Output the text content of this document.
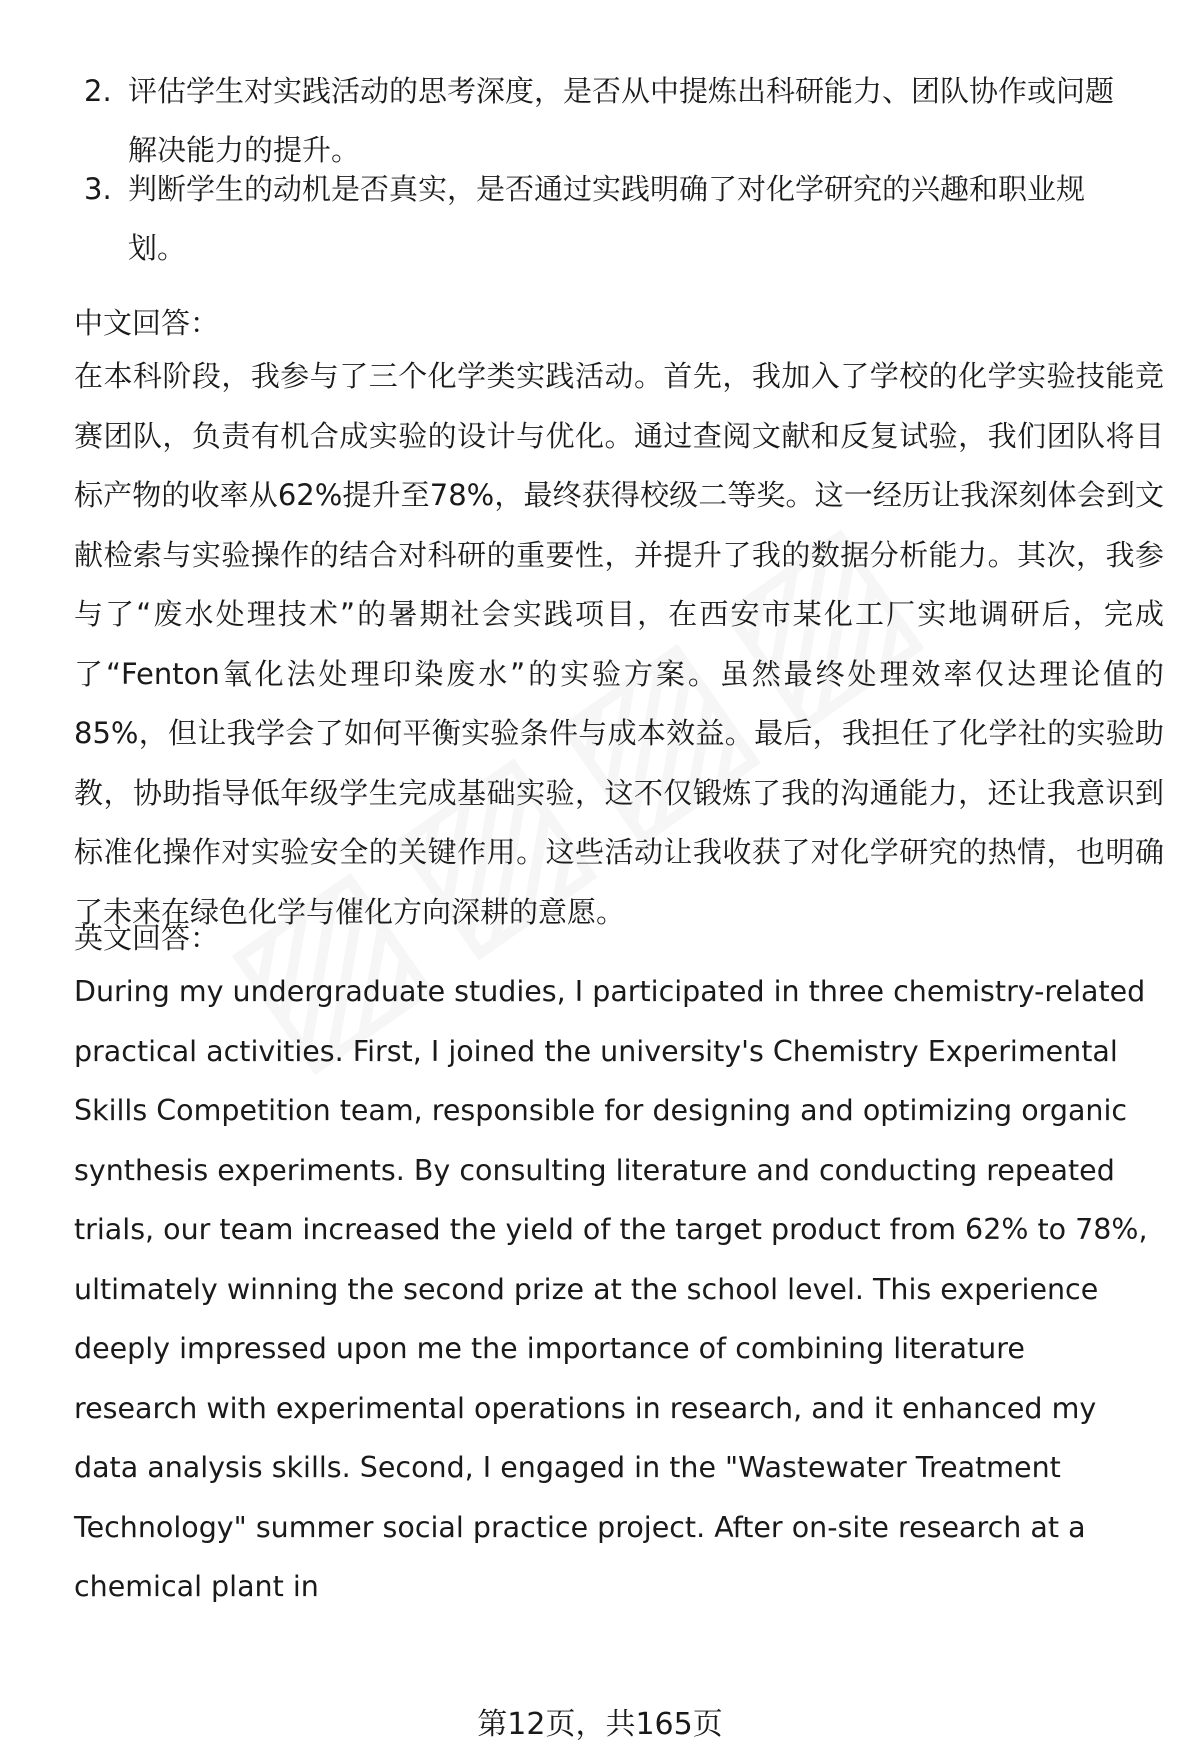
2. 评估学生对实践活动的思考深度，是否从中提炼出科研能力、团队协作或问题解决能力的提升。
3. 判断学生的动机是否真实，是否通过实践明确了对化学研究的兴趣和职业规划。
中文回答：
在本科阶段，我参与了三个化学类实践活动。首先，我加入了学校的化学实验技能竞赛团队，负责有机合成实验的设计与优化。通过查阅文献和反复试验，我们团队将目标产物的收率从62%提升至78%，最终获得校级二等奖。这一经历让我深刻体会到文献检索与实验操作的结合对科研的重要性，并提升了我的数据分析能力。其次，我参与了“废水处理技术”的暑期社会实践项目，在西安市某化工厂实地调研后，完成了“Fenton氧化法处理印染废水”的实验方案。虽然最终处理效率仅达理论值的85%，但让我学会了如何平衡实验条件与成本效益。最后，我担任了化学社的实验助教，协助指导低年级学生完成基础实验，这不仅锻炼了我的沟通能力，还让我意识到标准化操作对实验安全的关键作用。这些活动让我收获了对化学研究的热情，也明确了未来在绿色化学与催化方向深耕的意愿。
英文回答：
During my undergraduate studies, I participated in three chemistry-related practical activities. First, I joined the university's Chemistry Experimental Skills Competition team, responsible for designing and optimizing organic synthesis experiments. By consulting literature and conducting repeated trials, our team increased the yield of the target product from 62% to 78%, ultimately winning the second prize at the school level. This experience deeply impressed upon me the importance of combining literature research with experimental operations in research, and it enhanced my data analysis skills. Second, I engaged in the "Wastewater Treatment Technology" summer social practice project. After on-site research at a chemical plant in
第12页，共165页
